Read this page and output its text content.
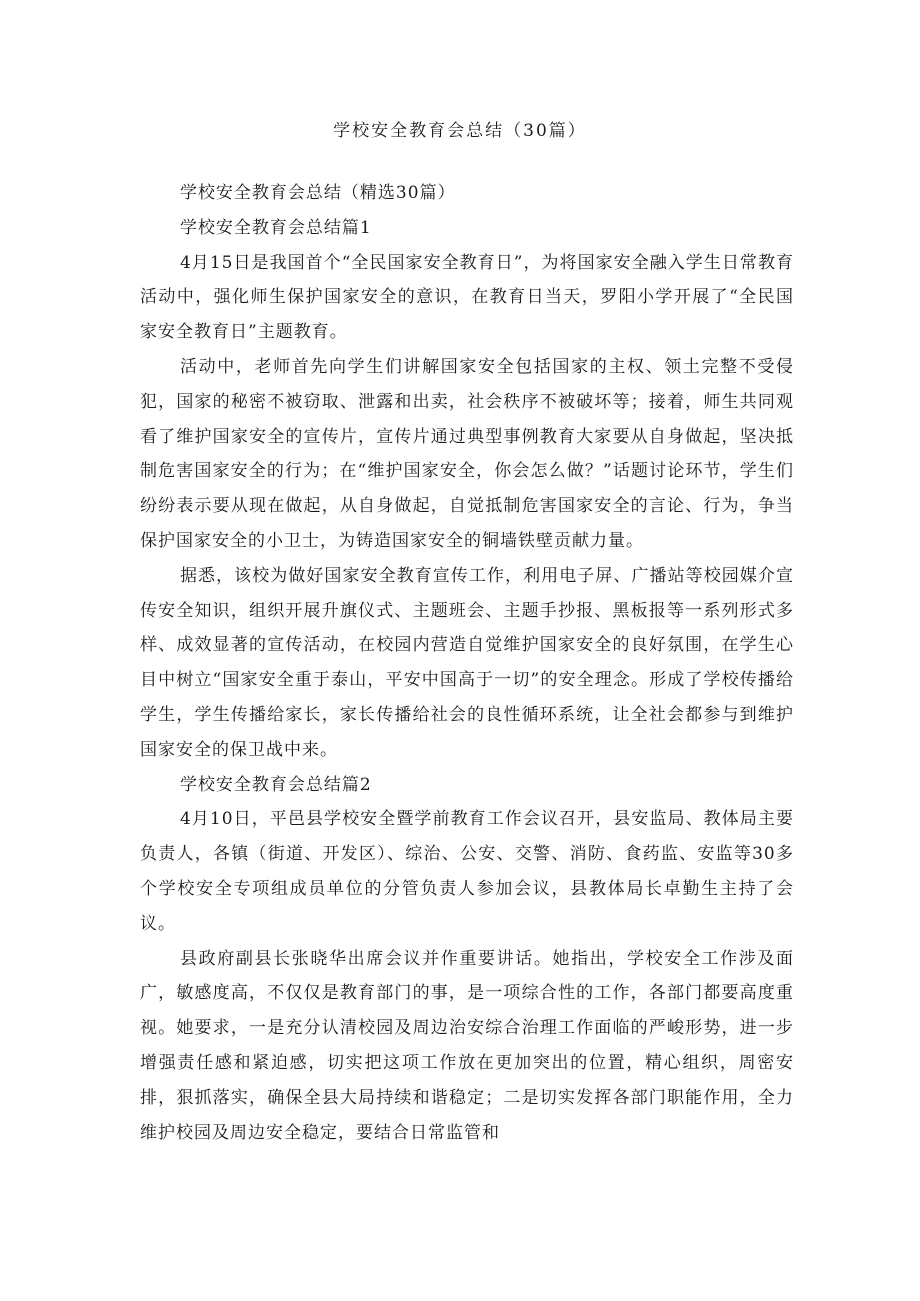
学校安全教育会总结（30篇）

学校安全教育会总结（精选30篇）

学校安全教育会总结篇1

4月15日是我国首个“全民国家安全教育日”，为将国家安全融入学生日常教育活动中，强化师生保护国家安全的意识，在教育日当天，罗阳小学开展了“全民国家安全教育日”主题教育。

活动中，老师首先向学生们讲解国家安全包括国家的主权、领土完整不受侵犯，国家的秘密不被窃取、泄露和出卖，社会秩序不被破坏等；接着，师生共同观看了维护国家安全的宣传片，宣传片通过典型事例教育大家要从自身做起，坚决抵制危害国家安全的行为；在“维护国家安全，你会怎么做？”话题讨论环节，学生们纷纷表示要从现在做起，从自身做起，自觉抵制危害国家安全的言论、行为，争当保护国家安全的小卫士，为铸造国家安全的铜墙铁壁贡献力量。

据悉，该校为做好国家安全教育宣传工作，利用电子屏、广播站等校园媒介宣传安全知识，组织开展升旗仪式、主题班会、主题手抄报、黑板报等一系列形式多样、成效显著的宣传活动，在校园内营造自觉维护国家安全的良好氛围，在学生心目中树立“国家安全重于泰山，平安中国高于一切”的安全理念。形成了学校传播给学生，学生传播给家长，家长传播给社会的良性循环系统，让全社会都参与到维护国家安全的保卫战中来。

学校安全教育会总结篇2

4月10日，平邑县学校安全暨学前教育工作会议召开，县安监局、教体局主要负责人，各镇（街道、开发区）、综治、公安、交警、消防、食药监、安监等30多个学校安全专项组成员单位的分管负责人参加会议，县教体局长卓勤生主持了会议。

县政府副县长张晓华出席会议并作重要讲话。她指出，学校安全工作涉及面广，敏感度高，不仅仅是教育部门的事，是一项综合性的工作，各部门都要高度重视。她要求，一是充分认清校园及周边治安综合治理工作面临的严峻形势，进一步增强责任感和紧迫感，切实把这项工作放在更加突出的位置，精心组织，周密安排，狠抓落实，确保全县大局持续和谐稳定；二是切实发挥各部门职能作用，全力维护校园及周边安全稳定，要结合日常监管和
